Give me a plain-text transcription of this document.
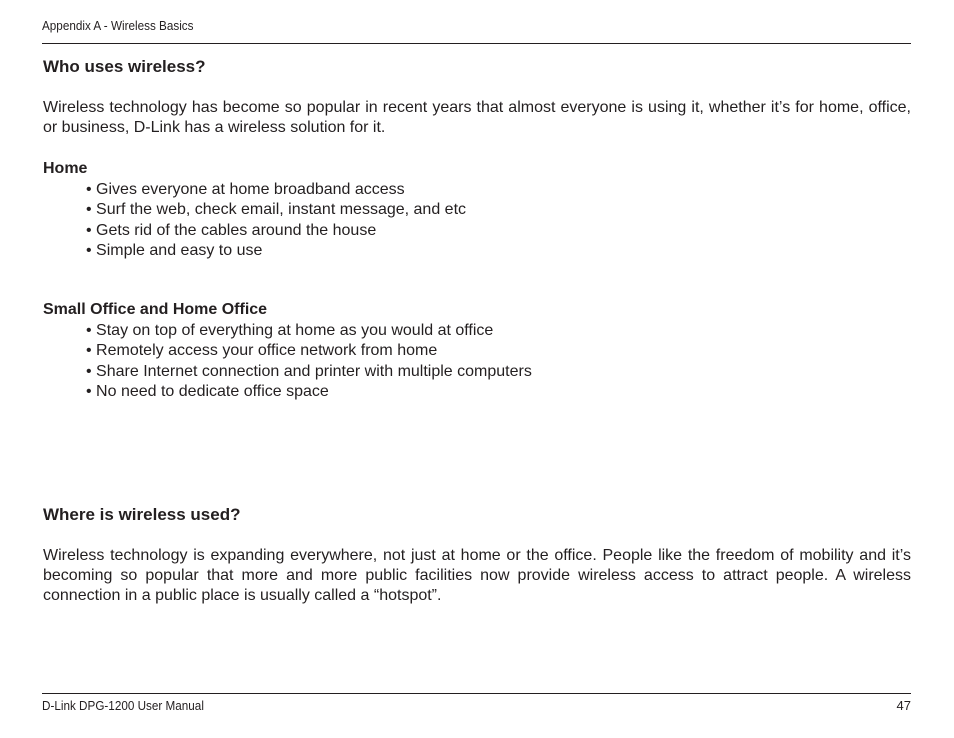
Appendix A - Wireless Basics
Who uses wireless?

Wireless technology has become so popular in recent years that almost everyone is using it, whether it’s for home, office, or business, D-Link has a wireless solution for it.

Home
• Gives everyone at home broadband access
• Surf the web, check email, instant message, and etc
• Gets rid of the cables around the house
• Simple and easy to use
Small Office and Home Office
• Stay on top of everything at home as you would at office
• Remotely access your office network from home
• Share Internet connection and printer with multiple computers
• No need to dedicate office space
Where is wireless used?

Wireless technology is expanding everywhere, not just at home or the office. People like the freedom of mobility and it’s becoming so popular that more and more public facilities now provide wireless access to attract people. A wireless connection in a public place is usually called a “hotspot”.

D-Link DPG-1200 User Manual	47
